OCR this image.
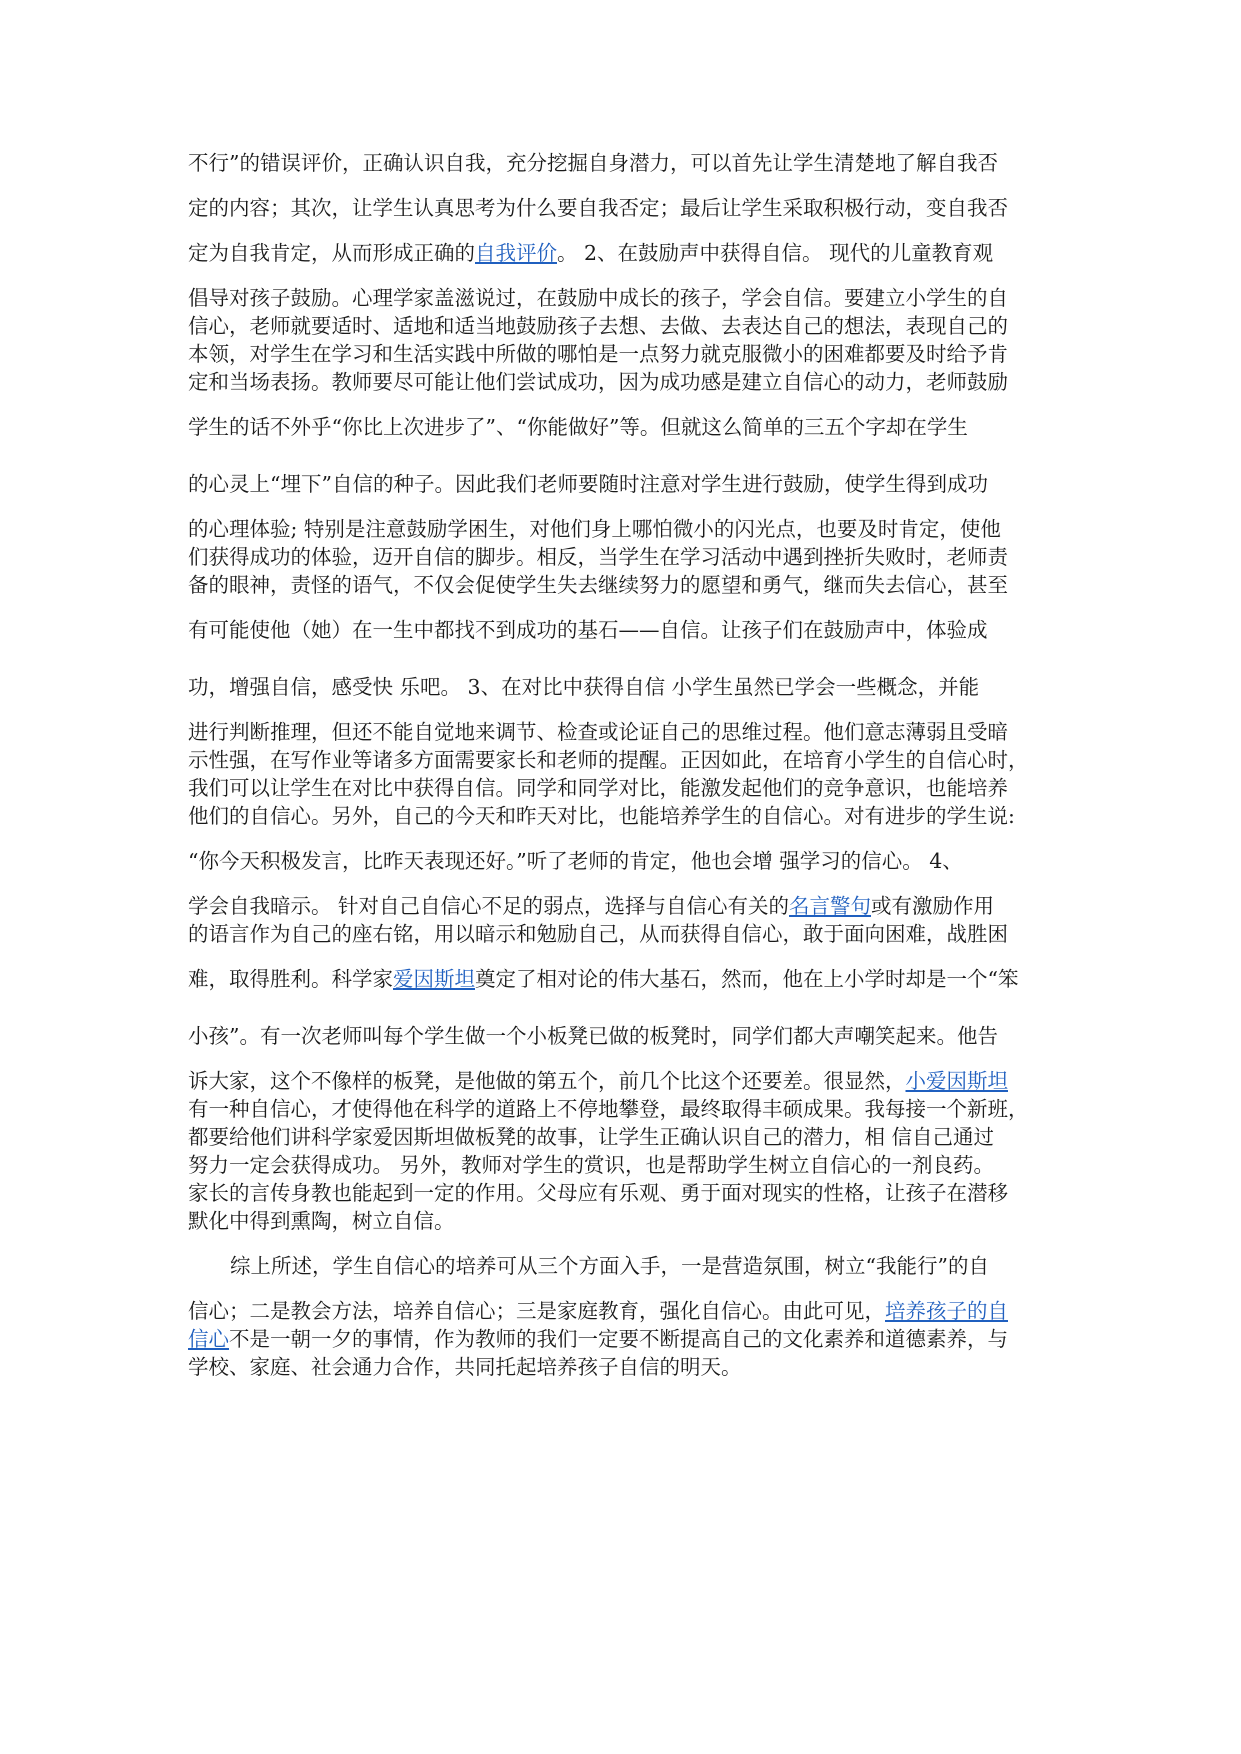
不行”的错误评价，正确认识自我，充分挖掘自身潜力，可以首先让学生清楚地了解自我否
定的内容；其次，让学生认真思考为什么要自我否定；最后让学生采取积极行动，变自我否
定为自我肯定，从而形成正确的自我评价。 2、在鼓励声中获得自信。 现代的儿童教育观
倡导对孩子鼓励。心理学家盖滋说过，在鼓励中成长的孩子，学会自信。要建立小学生的自
信心，老师就要适时、适地和适当地鼓励孩子去想、去做、去表达自己的想法，表现自己的
本领，对学生在学习和生活实践中所做的哪怕是一点努力就克服微小的困难都要及时给予肯
定和当场表扬。教师要尽可能让他们尝试成功，因为成功感是建立自信心的动力，老师鼓励
学生的话不外乎“你比上次进步了”、“你能做好”等。但就这么简单的三五个字却在学生
的心灵上“埋下”自信的种子。因此我们老师要随时注意对学生进行鼓励，使学生得到成功
的心理体验; 特别是注意鼓励学困生，对他们身上哪怕微小的闪光点，也要及时肯定，使他
们获得成功的体验，迈开自信的脚步。相反，当学生在学习活动中遇到挫折失败时，老师责
备的眼神，责怪的语气，不仅会促使学生失去继续努力的愿望和勇气，继而失去信心，甚至
有可能使他（她）在一生中都找不到成功的基石——自信。让孩子们在鼓励声中，体验成
功，增强自信，感受快 乐吧。 3、在对比中获得自信 小学生虽然已学会一些概念，并能
进行判断推理，但还不能自觉地来调节、检查或论证自己的思维过程。他们意志薄弱且受暗
示性强，在写作业等诸多方面需要家长和老师的提醒。正因如此，在培育小学生的自信心时，
我们可以让学生在对比中获得自信。同学和同学对比，能激发起他们的竞争意识，也能培养
他们的自信心。另外，自己的今天和昨天对比，也能培养学生的自信心。对有进步的学生说:
“你今天积极发言，比昨天表现还好。”听了老师的肯定，他也会增 强学习的信心。 4、
学会自我暗示。 针对自己自信心不足的弱点，选择与自信心有关的名言警句或有激励作用
的语言作为自己的座右铭，用以暗示和勉励自己，从而获得自信心，敢于面向困难，战胜困
难，取得胜利。科学家爱因斯坦奠定了相对论的伟大基石，然而，他在上小学时却是一个“笨
小孩”。有一次老师叫每个学生做一个小板凳已做的板凳时，同学们都大声嘲笑起来。他告
诉大家，这个不像样的板凳，是他做的第五个，前几个比这个还要差。很显然，小爱因斯坦
有一种自信心，才使得他在科学的道路上不停地攀登，最终取得丰硕成果。我每接一个新班，
都要给他们讲科学家爱因斯坦做板凳的故事，让学生正确认识自己的潜力，相 信自己通过
努力一定会获得成功。 另外，教师对学生的赏识，也是帮助学生树立自信心的一剂良药。
家长的言传身教也能起到一定的作用。父母应有乐观、勇于面对现实的性格，让孩子在潜移
默化中得到熏陶，树立自信。
综上所述，学生自信心的培养可从三个方面入手，一是营造氛围，树立“我能行”的自
信心；二是教会方法，培养自信心；三是家庭教育，强化自信心。由此可见，培养孩子的自
信心不是一朝一夕的事情，作为教师的我们一定要不断提高自己的文化素养和道德素养，与
学校、家庭、社会通力合作，共同托起培养孩子自信的明天。
